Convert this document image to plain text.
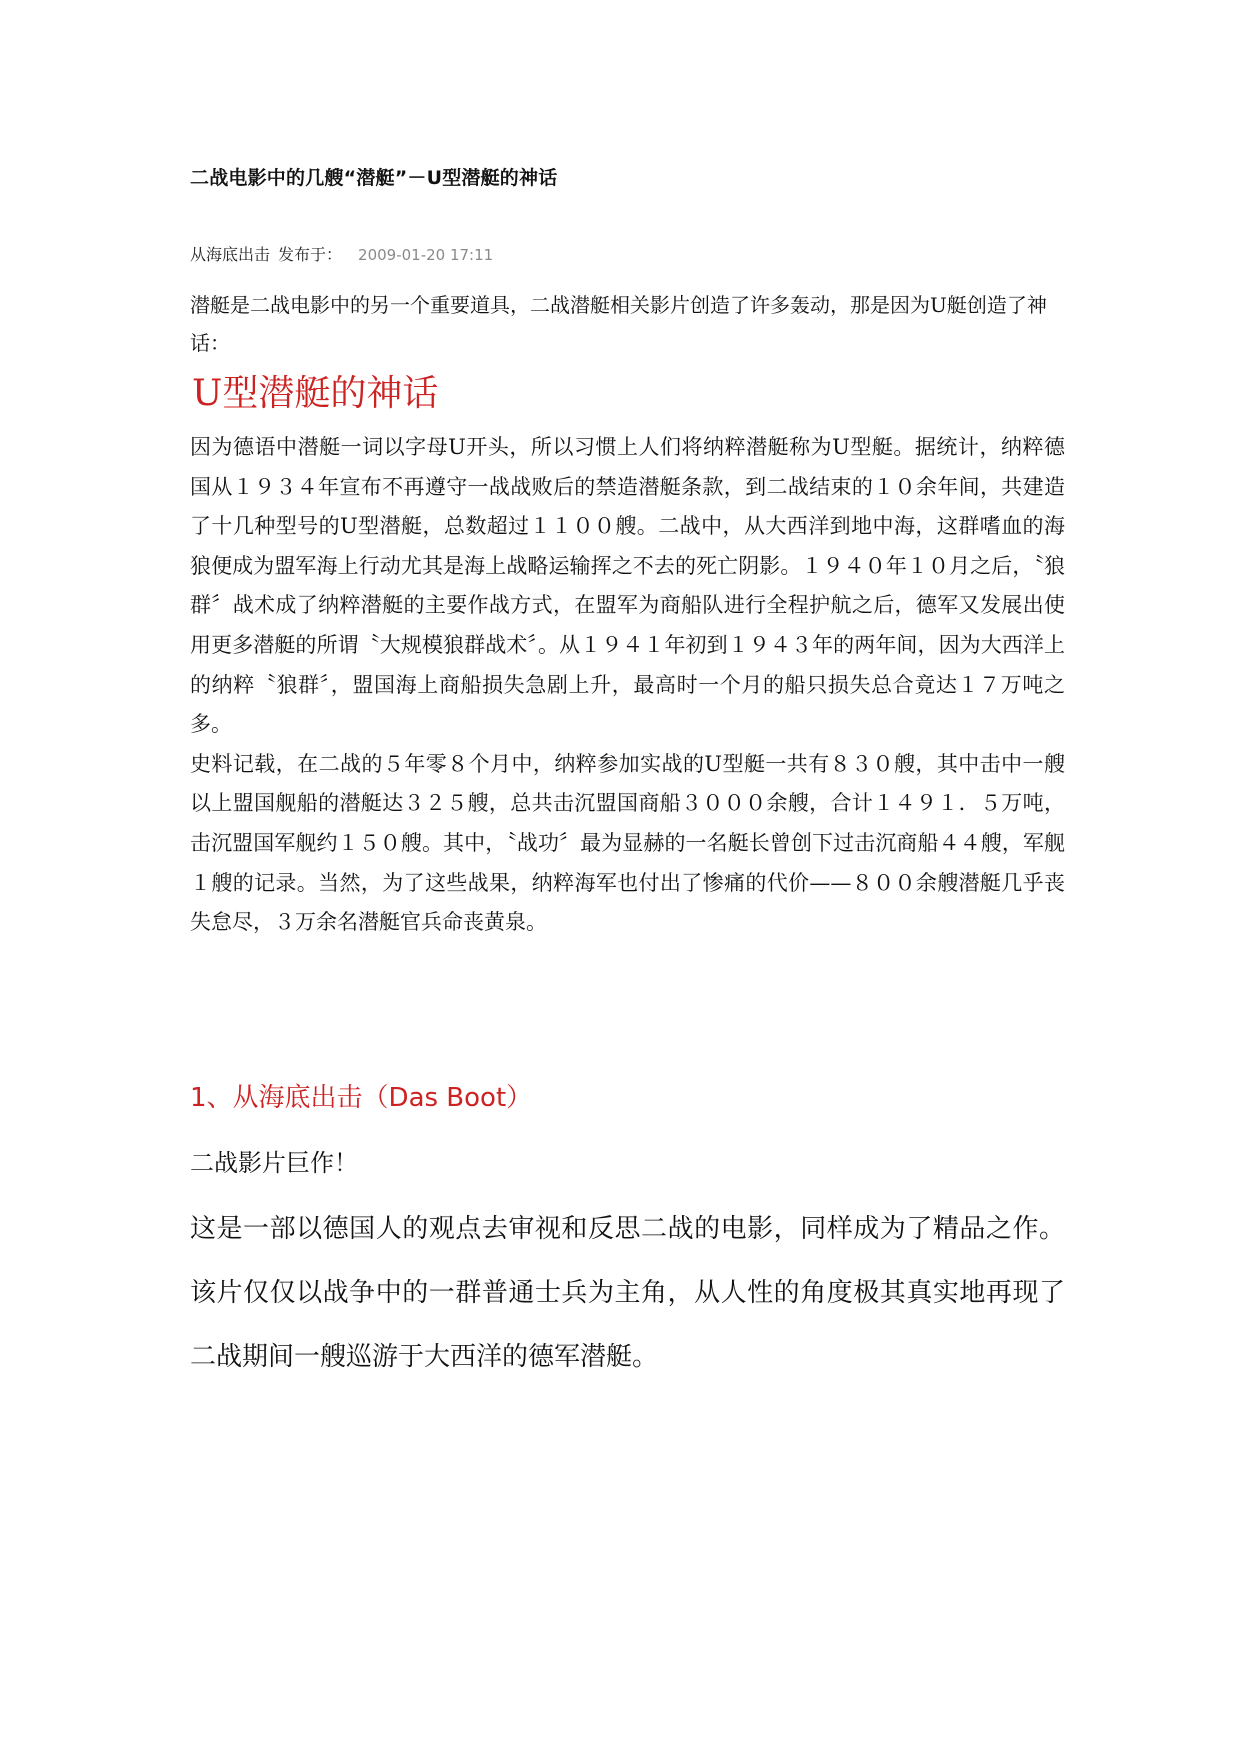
二战电影中的几艘“潜艇”－U型潜艇的神话
从海底出击 发布于： 2009-01-20 17:11

潜艇是二战电影中的另一个重要道具，二战潜艇相关影片创造了许多轰动，那是因为U艇创造了神话：

U型潜艇的神话

因为德语中潜艇一词以字母U开头，所以习惯上人们将纳粹潜艇称为U型艇。据统计，纳粹德国从１９３４年宣布不再遵守一战战败后的禁造潜艇条款，到二战结束的１０余年间，共建造了十几种型号的U型潜艇，总数超过１１００艘。二战中，从大西洋到地中海，这群嗜血的海狼便成为盟军海上行动尤其是海上战略运输挥之不去的死亡阴影。１９４０年１０月之后，〝狼群〞战术成了纳粹潜艇的主要作战方式，在盟军为商船队进行全程护航之后，德军又发展出使用更多潜艇的所谓〝大规模狼群战术〞。从１９４１年初到１９４３年的两年间，因为大西洋上的纳粹〝狼群〞，盟国海上商船损失急剧上升，最高时一个月的船只损失总合竟达１７万吨之多。

史料记载，在二战的５年零８个月中，纳粹参加实战的U型艇一共有８３０艘，其中击中一艘以上盟国舰船的潜艇达３２５艘，总共击沉盟国商船３０００余艘，合计１４９１．５万吨，击沉盟国军舰约１５０艘。其中，〝战功〞最为显赫的一名艇长曾创下过击沉商船４４艘，军舰１艘的记录。当然，为了这些战果，纳粹海军也付出了惨痛的代价——８００余艘潜艇几乎丧失怠尽，３万余名潜艇官兵命丧黄泉。

1、从海底出击（Das Boot）

二战影片巨作！

这是一部以德国人的观点去审视和反思二战的电影，同样成为了精品之作。该片仅仅以战争中的一群普通士兵为主角，从人性的角度极其真实地再现了二战期间一艘巡游于大西洋的德军潜艇。
